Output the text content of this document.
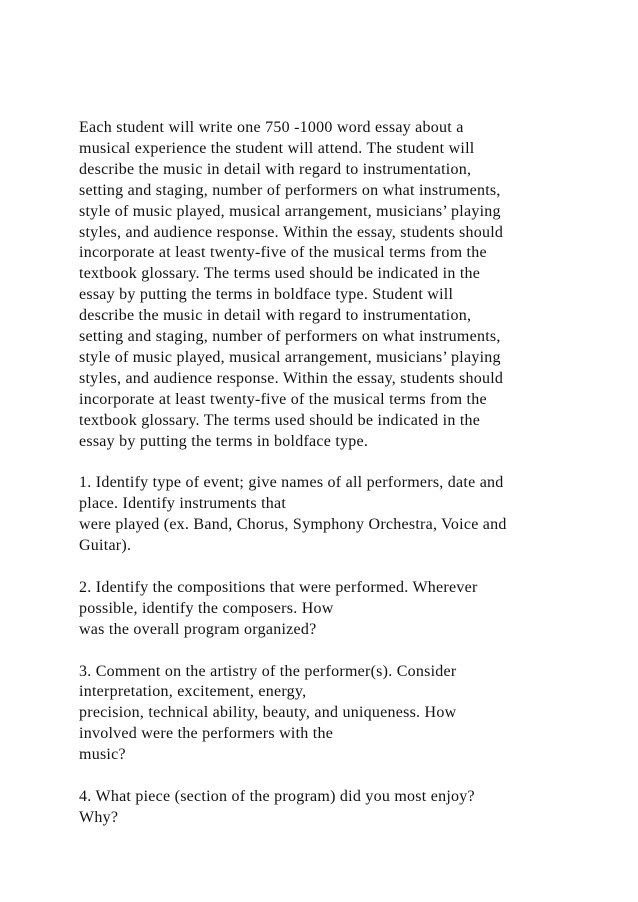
Each student will write one 750 -1000 word essay about a
musical experience the student will attend. The student will
describe the music in detail with regard to instrumentation,
setting and staging, number of performers on what instruments,
style of music played, musical arrangement, musicians’ playing
styles, and audience response. Within the essay, students should
incorporate at least twenty-five of the musical terms from the
textbook glossary. The terms used should be indicated in the
essay by putting the terms in boldface type. Student will
describe the music in detail with regard to instrumentation,
setting and staging, number of performers on what instruments,
style of music played, musical arrangement, musicians’ playing
styles, and audience response. Within the essay, students should
incorporate at least twenty-five of the musical terms from the
textbook glossary. The terms used should be indicated in the
essay by putting the terms in boldface type.

1. Identify type of event; give names of all performers, date and
place. Identify instruments that
were played (ex. Band, Chorus, Symphony Orchestra, Voice and
Guitar).

2. Identify the compositions that were performed. Wherever
possible, identify the composers. How
was the overall program organized?

3. Comment on the artistry of the performer(s). Consider
interpretation, excitement, energy,
precision, technical ability, beauty, and uniqueness. How
involved were the performers with the
music?

4. What piece (section of the program) did you most enjoy?
Why?
